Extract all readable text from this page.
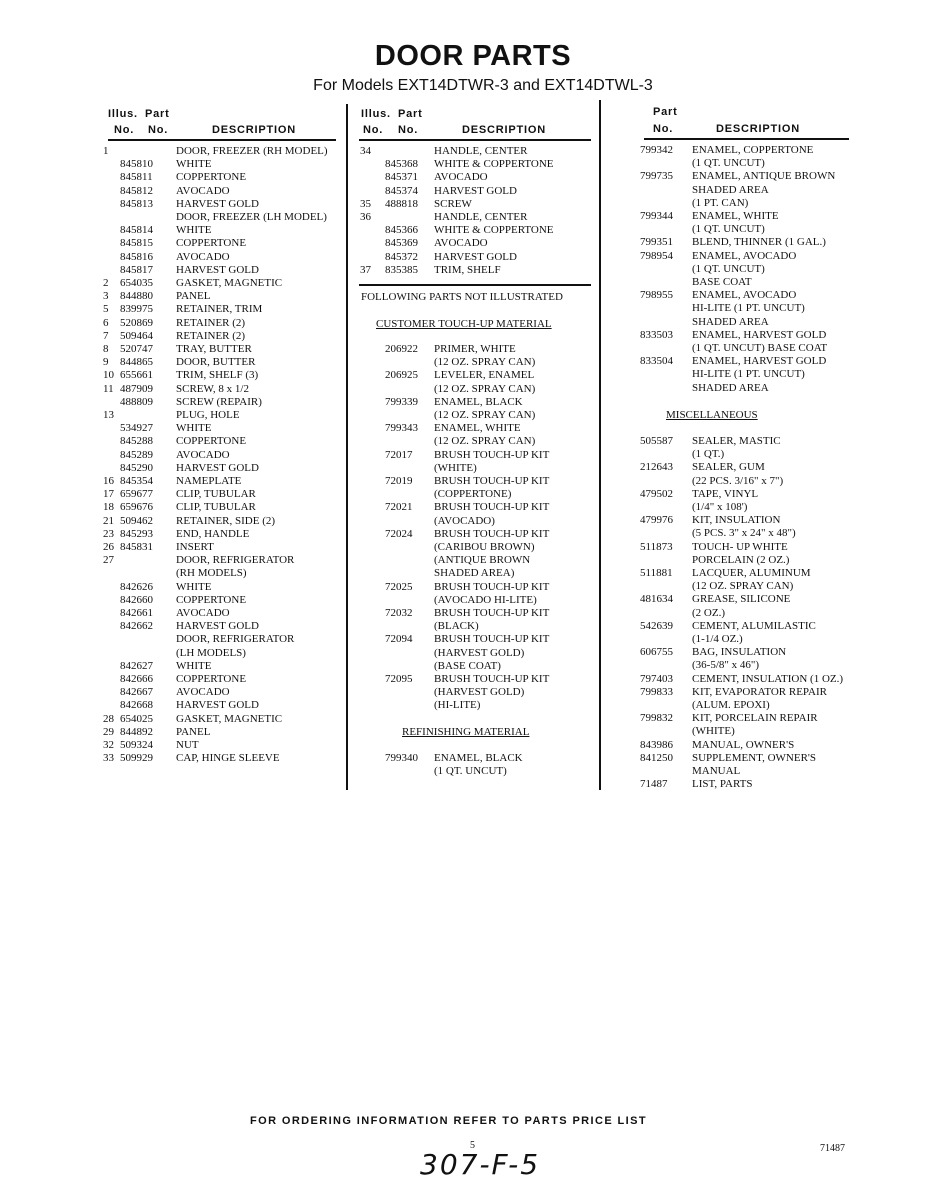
DOOR PARTS
For Models EXT14DTWR-3 and EXT14DTWL-3
Illus. Part
No. No.	DESCRIPTION
Illus. Part
No. No.	DESCRIPTION
Part
No.	DESCRIPTION
FOLLOWING PARTS NOT ILLUSTRATED
CUSTOMER TOUCH-UP MATERIAL
REFINISHING MATERIAL
MISCELLANEOUS
1	DOOR, FREEZER (RH MODEL)
845810 WHITE
845811 COPPERTONE
845812 AVOCADO
845813 HARVEST GOLD
DOOR, FREEZER (LH MODEL)
845814 WHITE
845815 COPPERTONE
845816 AVOCADO
845817 HARVEST GOLD
2 654035 GASKET, MAGNETIC
3 844880 PANEL
5 839975 RETAINER, TRIM
6 520869 RETAINER (2)
7 509464 RETAINER (2)
8 520747 TRAY, BUTTER
9 844865 DOOR, BUTTER
10 655661 TRIM, SHELF (3)
11 487909 SCREW, 8 x 1/2
488809 SCREW (REPAIR)
13	PLUG, HOLE
534927 WHITE
845288 COPPERTONE
845289 AVOCADO
845290 HARVEST GOLD
16 845354 NAMEPLATE
17 659677 CLIP, TUBULAR
18 659676 CLIP, TUBULAR
21 509462 RETAINER, SIDE (2)
23 845293 END, HANDLE
26 845831 INSERT
27	DOOR, REFRIGERATOR
(RH MODELS)
842626 WHITE
842660 COPPERTONE
842661 AVOCADO
842662 HARVEST GOLD
DOOR, REFRIGERATOR
(LH MODELS)
842627 WHITE
842666 COPPERTONE
842667 AVOCADO
842668 HARVEST GOLD
28 654025 GASKET, MAGNETIC
29 844892 PANEL
32 509324 NUT
33 509929 CAP, HINGE SLEEVE
34	HANDLE, CENTER
845368 WHITE & COPPERTONE
845371 AVOCADO
845374 HARVEST GOLD
35 488818 SCREW
36	HANDLE, CENTER
845366 WHITE & COPPERTONE
845369 AVOCADO
845372 HARVEST GOLD
37 835385 TRIM, SHELF
206922 PRIMER, WHITE
(12 OZ. SPRAY CAN)
206925 LEVELER, ENAMEL
(12 OZ. SPRAY CAN)
799339 ENAMEL, BLACK
(12 OZ. SPRAY CAN)
799343 ENAMEL, WHITE
(12 OZ. SPRAY CAN)
72017 BRUSH TOUCH-UP KIT
(WHITE)
72019 BRUSH TOUCH-UP KIT
(COPPERTONE)
72021 BRUSH TOUCH-UP KIT
(AVOCADO)
72024 BRUSH TOUCH-UP KIT
(CARIBOU BROWN)
(ANTIQUE BROWN
SHADED AREA)
72025 BRUSH TOUCH-UP KIT
(AVOCADO HI-LITE)
72032 BRUSH TOUCH-UP KIT
(BLACK)
72094 BRUSH TOUCH-UP KIT
(HARVEST GOLD)
(BASE COAT)
72095 BRUSH TOUCH-UP KIT
(HARVEST GOLD)
(HI-LITE)
799340 ENAMEL, BLACK
(1 QT. UNCUT)
799342 ENAMEL, COPPERTONE
(1 QT. UNCUT)
799735 ENAMEL, ANTIQUE BROWN
SHADED AREA
(1 PT. CAN)
799344 ENAMEL, WHITE
(1 QT. UNCUT)
799351 BLEND, THINNER (1 GAL.)
798954 ENAMEL, AVOCADO
(1 QT. UNCUT)
BASE COAT
798955 ENAMEL, AVOCADO
HI-LITE (1 PT. UNCUT)
SHADED AREA
833503 ENAMEL, HARVEST GOLD
(1 QT. UNCUT) BASE COAT
833504 ENAMEL, HARVEST GOLD
HI-LITE (1 PT. UNCUT)
SHADED AREA
505587 SEALER, MASTIC
(1 QT.)
212643 SEALER, GUM
(22 PCS. 3/16" x 7")
479502 TAPE, VINYL
(1/4" x 108')
479976 KIT, INSULATION
(5 PCS. 3" x 24" x 48")
511873 TOUCH- UP WHITE
PORCELAIN (2 OZ.)
511881 LACQUER, ALUMINUM
(12 OZ. SPRAY CAN)
481634 GREASE, SILICONE
(2 OZ.)
542639 CEMENT, ALUMILASTIC
(1-1/4 OZ.)
606755 BAG, INSULATION
(36-5/8" x 46")
797403 CEMENT, INSULATION (1 OZ.)
799833 KIT, EVAPORATOR REPAIR
(ALUM. EPOXI)
799832 KIT, PORCELAIN REPAIR
(WHITE)
843986 MANUAL, OWNER'S
841250 SUPPLEMENT, OWNER'S
MANUAL
71487 LIST, PARTS
FOR ORDERING INFORMATION REFER TO PARTS PRICE LIST
5
307-F-5	71487
